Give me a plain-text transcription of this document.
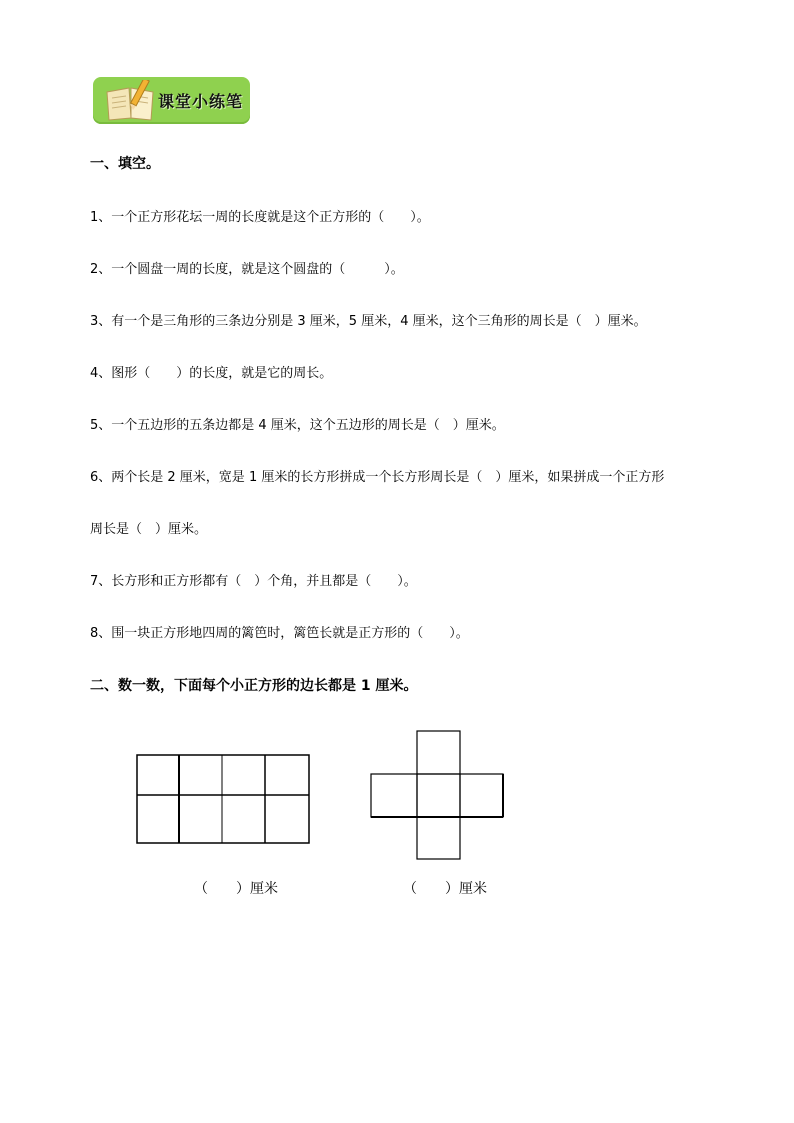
课堂小练笔
一、填空。
1、一个正方形花坛一周的长度就是这个正方形的（　　）。
2、一个圆盘一周的长度，就是这个圆盘的（　　　）。
3、有一个是三角形的三条边分别是 3 厘米，5 厘米，4 厘米，这个三角形的周长是（　）厘米。
4、图形（　　）的长度，就是它的周长。
5、一个五边形的五条边都是 4 厘米，这个五边形的周长是（　）厘米。
6、两个长是 2 厘米，宽是 1 厘米的长方形拼成一个长方形周长是（　）厘米，如果拼成一个正方形
周长是（　）厘米。
7、长方形和正方形都有（　）个角，并且都是（　　）。
8、围一块正方形地四周的篱笆时，篱笆长就是正方形的（　　）。
二、数一数，下面每个小正方形的边长都是 1 厘米。
（　　）厘米	（　　）厘米
